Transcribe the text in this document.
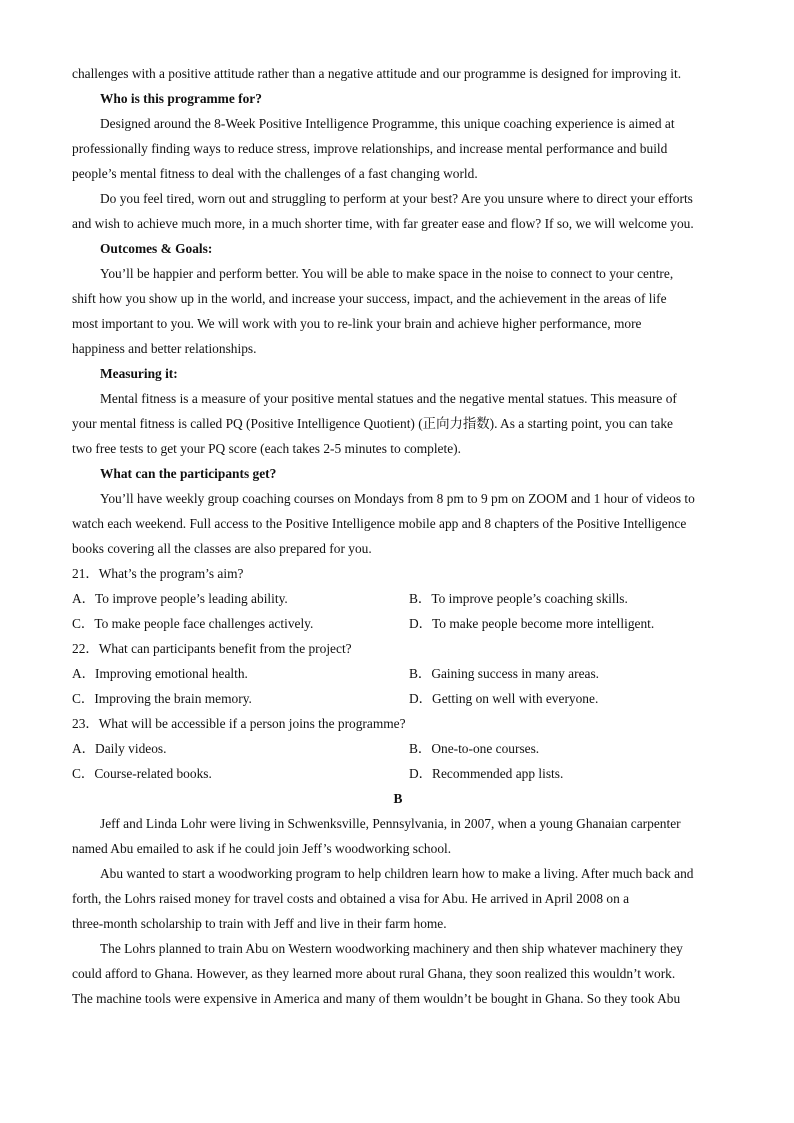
challenges with a positive attitude rather than a negative attitude and our programme is designed for improving it.
Who is this programme for?
Designed around the 8-Week Positive Intelligence Programme, this unique coaching experience is aimed at
professionally finding ways to reduce stress, improve relationships, and increase mental performance and build
people’s mental fitness to deal with the challenges of a fast changing world.
Do you feel tired, worn out and struggling to perform at your best? Are you unsure where to direct your efforts
and wish to achieve much more, in a much shorter time, with far greater ease and flow? If so, we will welcome you.
Outcomes & Goals:
You’ll be happier and perform better. You will be able to make space in the noise to connect to your centre,
shift how you show up in the world, and increase your success, impact, and the achievement in the areas of life
most important to you. We will work with you to re-link your brain and achieve higher performance, more
happiness and better relationships.
Measuring it:
Mental fitness is a measure of your positive mental statues and the negative mental statues. This measure of
your mental fitness is called PQ (Positive Intelligence Quotient) (正向力指数). As a starting point, you can take
two free tests to get your PQ score (each takes 2-5 minutes to complete).
What can the participants get?
You’ll have weekly group coaching courses on Mondays from 8 pm to 9 pm on ZOOM and 1 hour of videos to
watch each weekend. Full access to the Positive Intelligence mobile app and 8 chapters of the Positive Intelligence
books covering all the classes are also prepared for you.
21．What’s the program’s aim?
A．To improve people’s leading ability.	B．To improve people’s coaching skills.
C．To make people face challenges actively.	D．To make people become more intelligent.
22．What can participants benefit from the project?
A．Improving emotional health.	B．Gaining success in many areas.
C．Improving the brain memory.	D．Getting on well with everyone.
23．What will be accessible if a person joins the programme?
A．Daily videos.	B．One-to-one courses.
C．Course-related books.	D．Recommended app lists.
B
Jeff and Linda Lohr were living in Schwenksville, Pennsylvania, in 2007, when a young Ghanaian carpenter
named Abu emailed to ask if he could join Jeff’s woodworking school.
Abu wanted to start a woodworking program to help children learn how to make a living. After much back and
forth, the Lohrs raised money for travel costs and obtained a visa for Abu. He arrived in April 2008 on a
three-month scholarship to train with Jeff and live in their farm home.
The Lohrs planned to train Abu on Western woodworking machinery and then ship whatever machinery they
could afford to Ghana. However, as they learned more about rural Ghana, they soon realized this wouldn’t work.
The machine tools were expensive in America and many of them wouldn’t be bought in Ghana. So they took Abu
